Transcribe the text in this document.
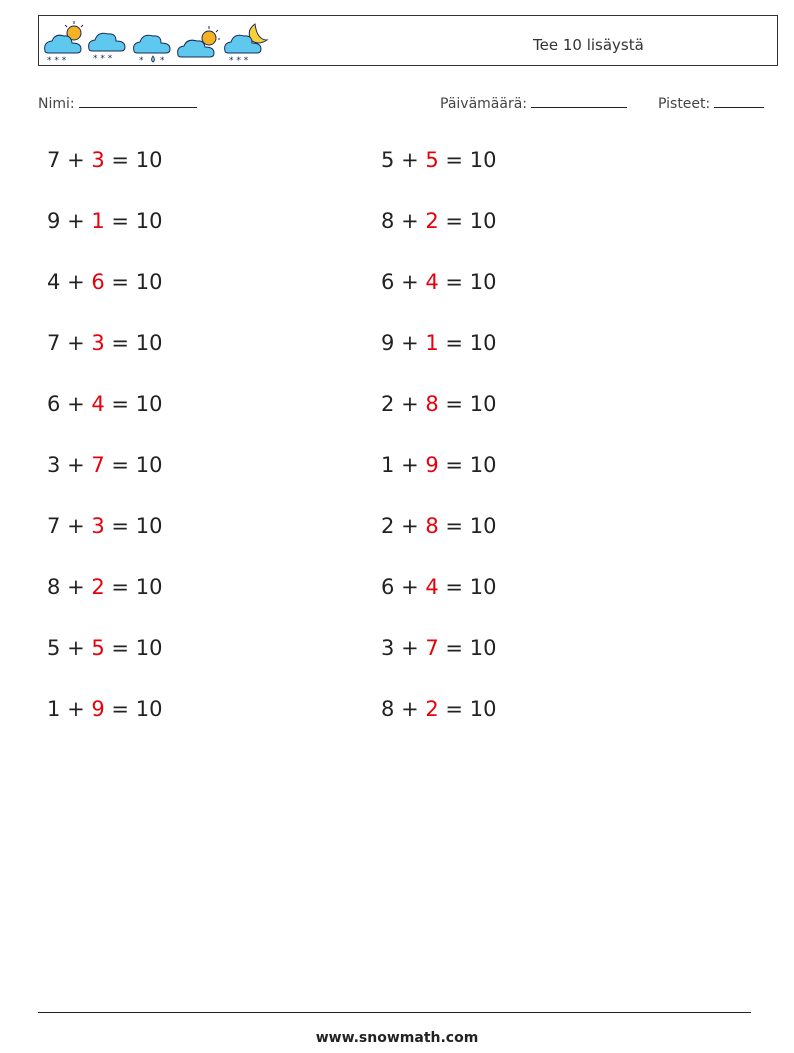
* * *	* * *	* *	* * *
Tee 10 lisäystä
Nimi:	Päivämäärä:	Pisteet:
7 + 3 = 10
9 + 1 = 10
4 + 6 = 10
7 + 3 = 10
6 + 4 = 10
3 + 7 = 10
7 + 3 = 10
8 + 2 = 10
5 + 5 = 10
1 + 9 = 10
5 + 5 = 10
8 + 2 = 10
6 + 4 = 10
9 + 1 = 10
2 + 8 = 10
1 + 9 = 10
2 + 8 = 10
6 + 4 = 10
3 + 7 = 10
8 + 2 = 10
www.snowmath.com
